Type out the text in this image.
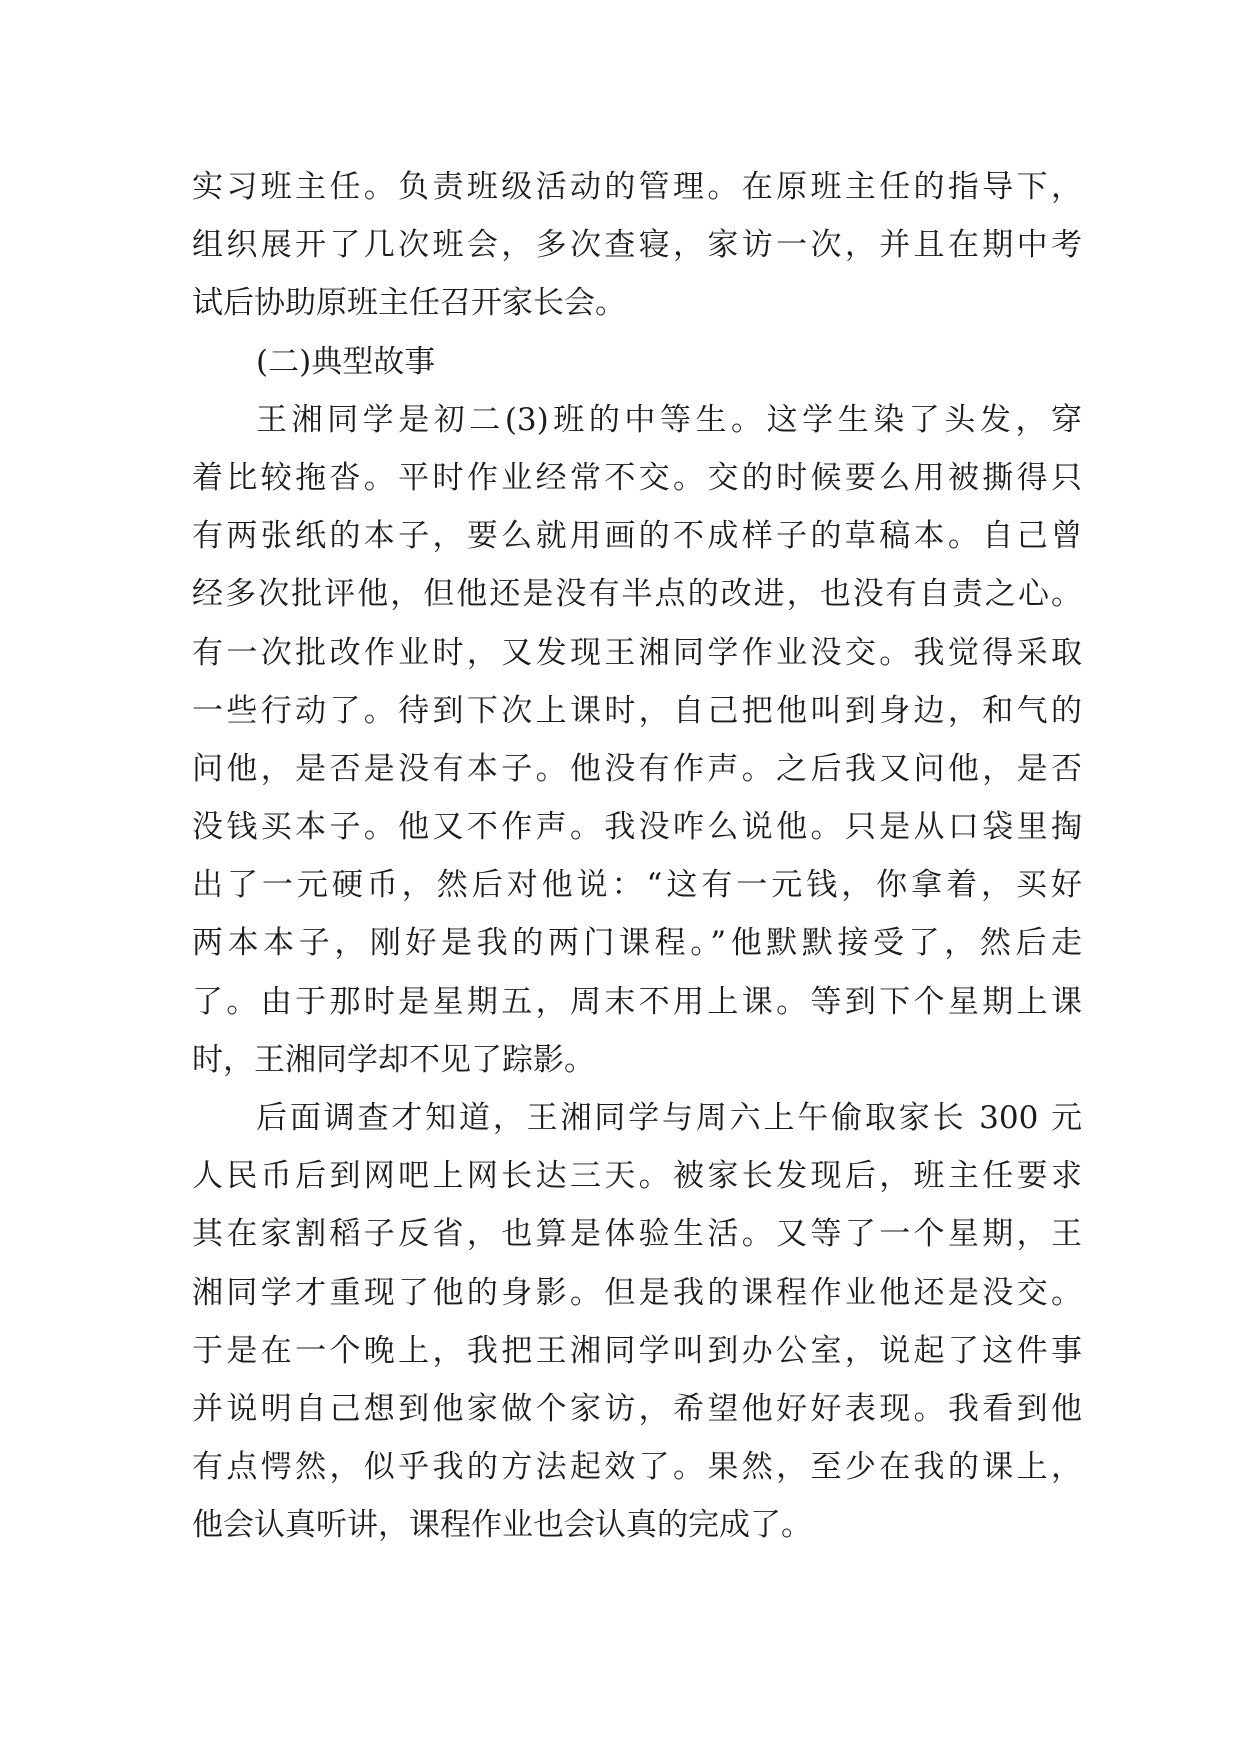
实习班主任。负责班级活动的管理。在原班主任的指导下，
组织展开了几次班会，多次查寝，家访一次，并且在期中考
试后协助原班主任召开家长会。
(二)典型故事
王湘同学是初二(3)班的中等生。这学生染了头发，穿
着比较拖沓。平时作业经常不交。交的时候要么用被撕得只
有两张纸的本子，要么就用画的不成样子的草稿本。自己曾
经多次批评他，但他还是没有半点的改进，也没有自责之心。
有一次批改作业时，又发现王湘同学作业没交。我觉得采取
一些行动了。待到下次上课时，自己把他叫到身边，和气的
问他，是否是没有本子。他没有作声。之后我又问他，是否
没钱买本子。他又不作声。我没咋么说他。只是从口袋里掏
出了一元硬币，然后对他说：“这有一元钱，你拿着，买好
两本本子，刚好是我的两门课程。”他默默接受了，然后走
了。由于那时是星期五，周末不用上课。等到下个星期上课
时，王湘同学却不见了踪影。
后面调查才知道，王湘同学与周六上午偷取家长 300 元
人民币后到网吧上网长达三天。被家长发现后，班主任要求
其在家割稻子反省，也算是体验生活。又等了一个星期，王
湘同学才重现了他的身影。但是我的课程作业他还是没交。
于是在一个晚上，我把王湘同学叫到办公室，说起了这件事
并说明自己想到他家做个家访，希望他好好表现。我看到他
有点愕然，似乎我的方法起效了。果然，至少在我的课上，
他会认真听讲，课程作业也会认真的完成了。
